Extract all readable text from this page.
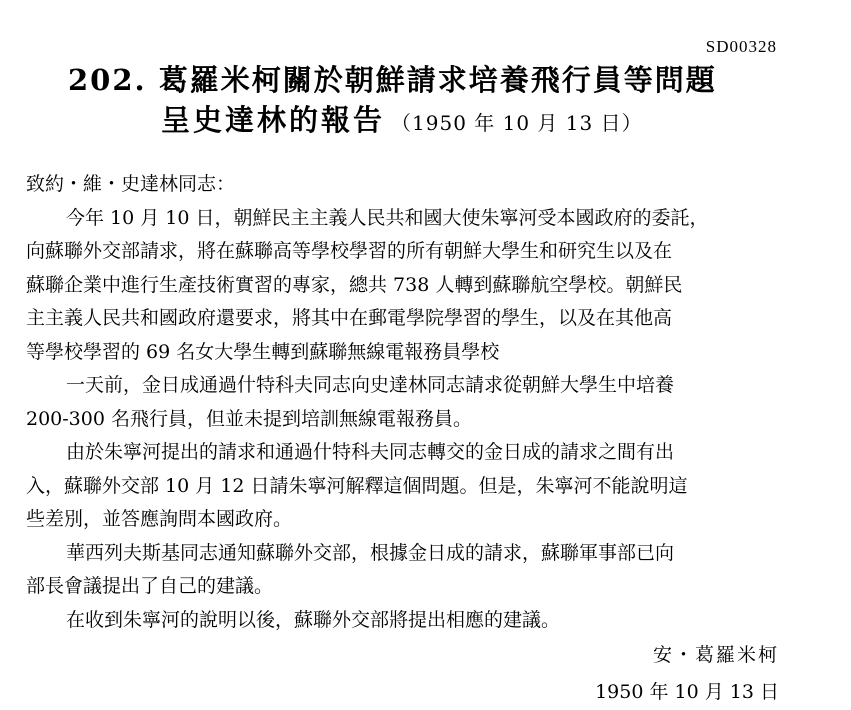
SD00328
202. 葛羅米柯關於朝鮮請求培養飛行員等問題
呈史達林的報告 （1950 年 10 月 13 日）
致約・維・史達林同志：
今年 10 月 10 日，朝鮮民主主義人民共和國大使朱寧河受本國政府的委託，
向蘇聯外交部請求，將在蘇聯高等學校學習的所有朝鮮大學生和研究生以及在
蘇聯企業中進行生產技術實習的專家，總共 738 人轉到蘇聯航空學校。朝鮮民
主主義人民共和國政府還要求，將其中在郵電學院學習的學生，以及在其他高
等學校學習的 69 名女大學生轉到蘇聯無線電報務員學校
一天前，金日成通過什特科夫同志向史達林同志請求從朝鮮大學生中培養
200-300 名飛行員，但並未提到培訓無線電報務員。
由於朱寧河提出的請求和通過什特科夫同志轉交的金日成的請求之間有出
入，蘇聯外交部 10 月 12 日請朱寧河解釋這個問題。但是，朱寧河不能說明這
些差別，並答應詢問本國政府。
華西列夫斯基同志通知蘇聯外交部，根據金日成的請求，蘇聯軍事部已向
部長會議提出了自己的建議。
在收到朱寧河的說明以後，蘇聯外交部將提出相應的建議。
安・葛羅米柯
1950 年 10 月 13 日
